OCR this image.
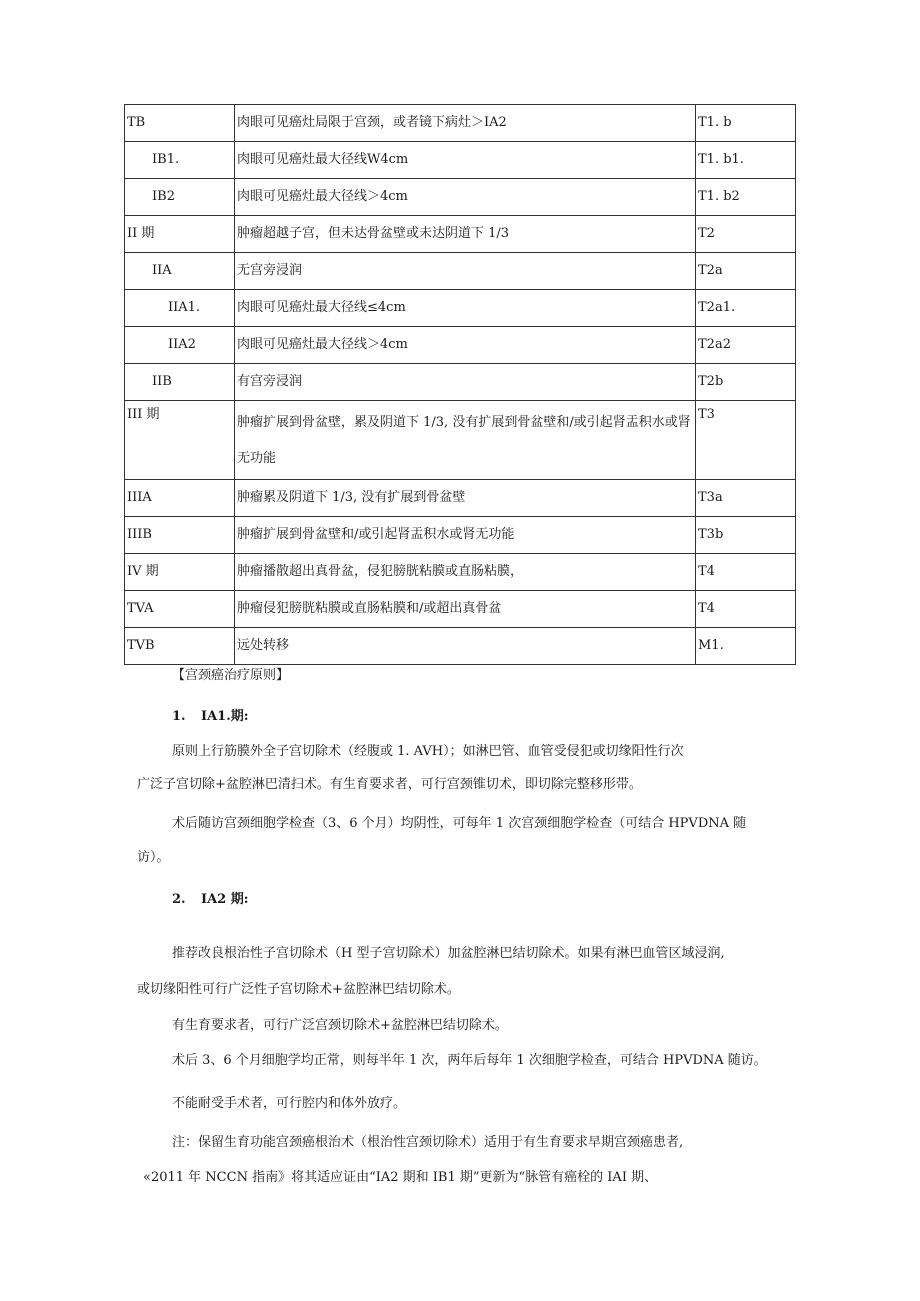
TB	肉眼可见癌灶局限于宫颈，或者镜下病灶＞IA2	T1. b
IB1.	肉眼可见癌灶最大径线W4cm	T1. b1.
IB2	肉眼可见癌灶最大径线＞4cm	T1. b2
II 期	肿瘤超越子宫，但未达骨盆壁或未达阴道下 1/3	T2
IIA	无宫旁浸润	T2a
IIA1.	肉眼可见癌灶最大径线≤4cm	T2a1.
IIA2	肉眼可见癌灶最大径线＞4cm	T2a2
IIB	有宫旁浸润	T2b
III 期	肿瘤扩展到骨盆壁，累及阴道下 1/3, 没有扩展到骨盆壁和/或引起肾盂积水或肾无功能	T3
IIIA	肿瘤累及阴道下 1/3, 没有扩展到骨盆壁	T3a
IIIB	肿瘤扩展到骨盆壁和/或引起肾盂积水或肾无功能	T3b
IV 期	肿瘤播散超出真骨盆，侵犯膀胱粘膜或直肠粘膜，	T4
TVA	肿瘤侵犯膀胱粘膜或直肠粘膜和/或超出真骨盆	T4
TVB	远处转移	M1.
【宫颈癌治疗原则】
1. IA1.期:
原则上行筋膜外全子宫切除术（经腹或 1. AVH）；如淋巴管、血管受侵犯或切缘阳性行次
广泛子宫切除+盆腔淋巴清扫术。有生育要求者，可行宫颈锥切术，即切除完整移形带。
术后随访宫颈细胞学检查（3、6 个月）均阴性，可每年 1 次宫颈细胞学检查（可结合 HPVDNA 随
访）。
2. IA2 期:
推荐改良根治性子宫切除术（H 型子宫切除术）加盆腔淋巴结切除术。如果有淋巴血管区域浸润,
或切缘阳性可行广泛性子宫切除术+盆腔淋巴结切除术。
有生育要求者，可行广泛宫颈切除术+盆腔淋巴结切除术。
术后 3、6 个月细胞学均正常，则每半年 1 次，两年后每年 1 次细胞学检查，可结合 HPVDNA 随访。
不能耐受手术者，可行腔内和体外放疗。
注：保留生育功能宫颈癌根治术（根治性宫颈切除术）适用于有生育要求早期宫颈癌患者,
«2011 年 NCCN 指南》将其适应证由“IA2 期和 IB1 期”更新为“脉管有癌栓的 IAI 期、
